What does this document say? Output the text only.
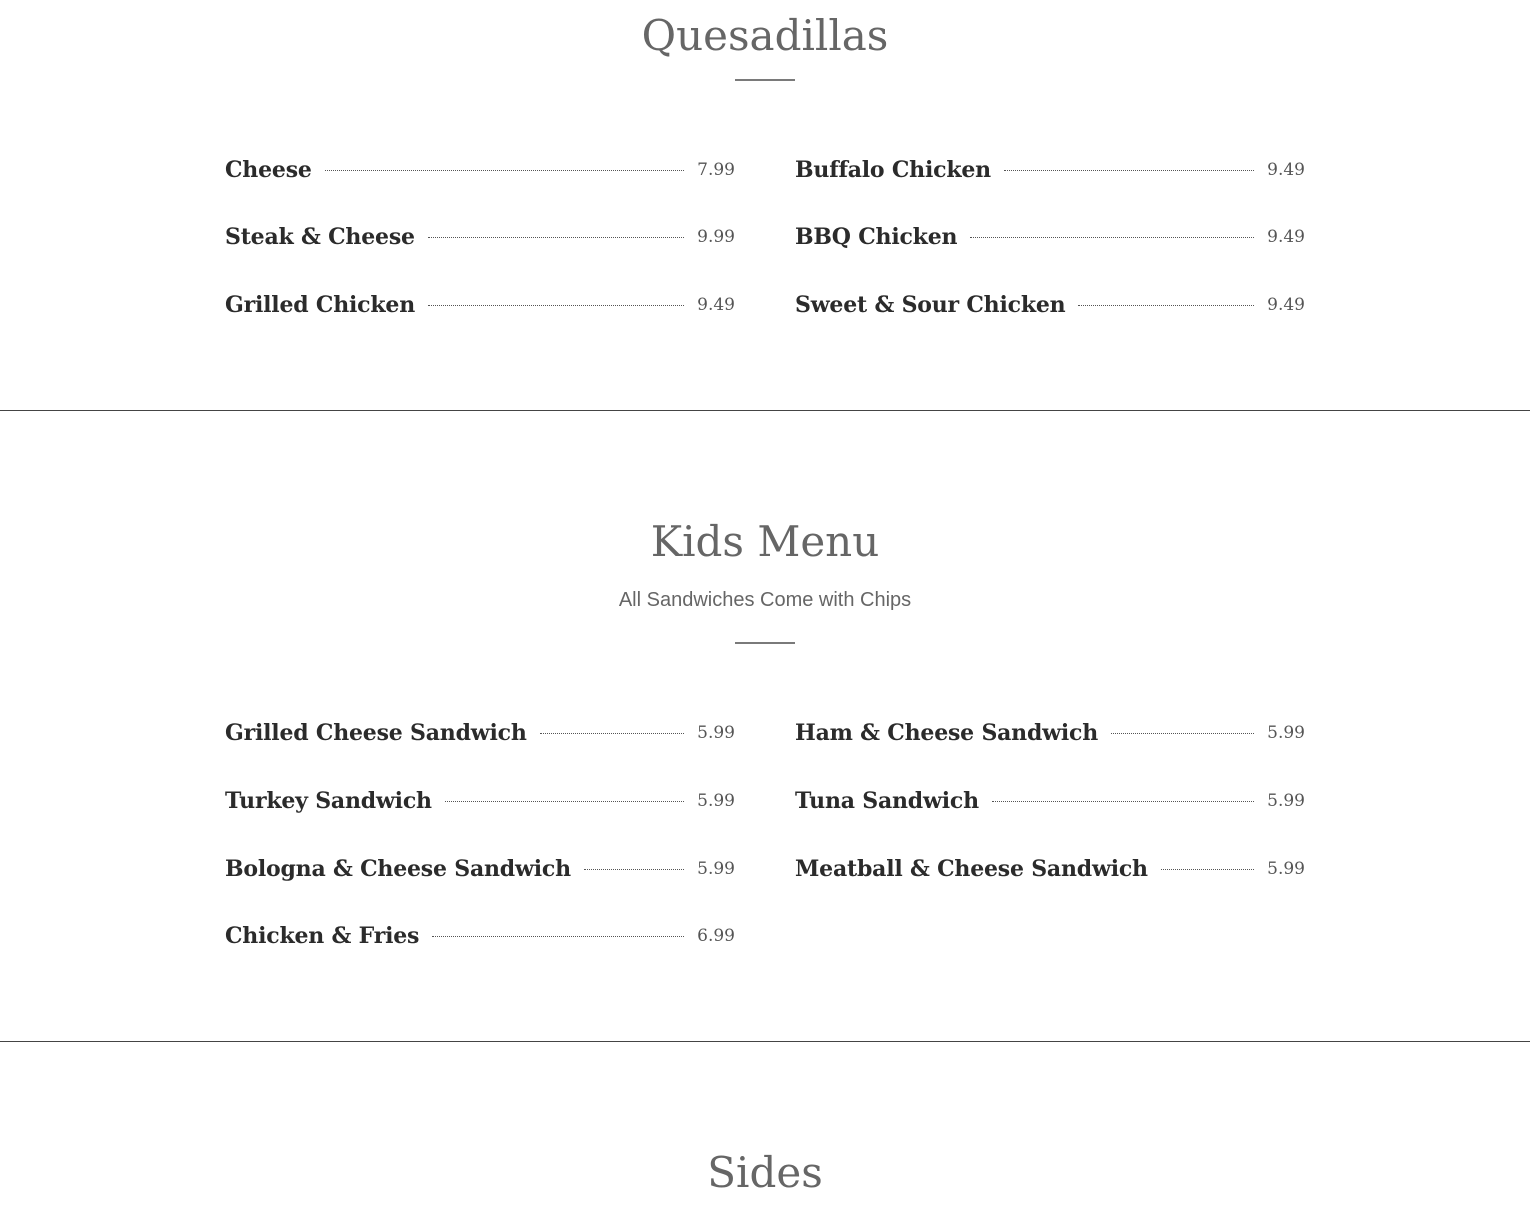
Quesadillas
Cheese	7.99	Buffalo Chicken	9.49
Steak & Cheese	9.99	BBQ Chicken	9.49
Grilled Chicken	9.49	Sweet & Sour Chicken	9.49
Kids Menu
All Sandwiches Come with Chips
Grilled Cheese Sandwich	5.99	Ham & Cheese Sandwich	5.99
Turkey Sandwich	5.99	Tuna Sandwich	5.99
Bologna & Cheese Sandwich	5.99	Meatball & Cheese Sandwich	5.99
Chicken & Fries	6.99
Sides
